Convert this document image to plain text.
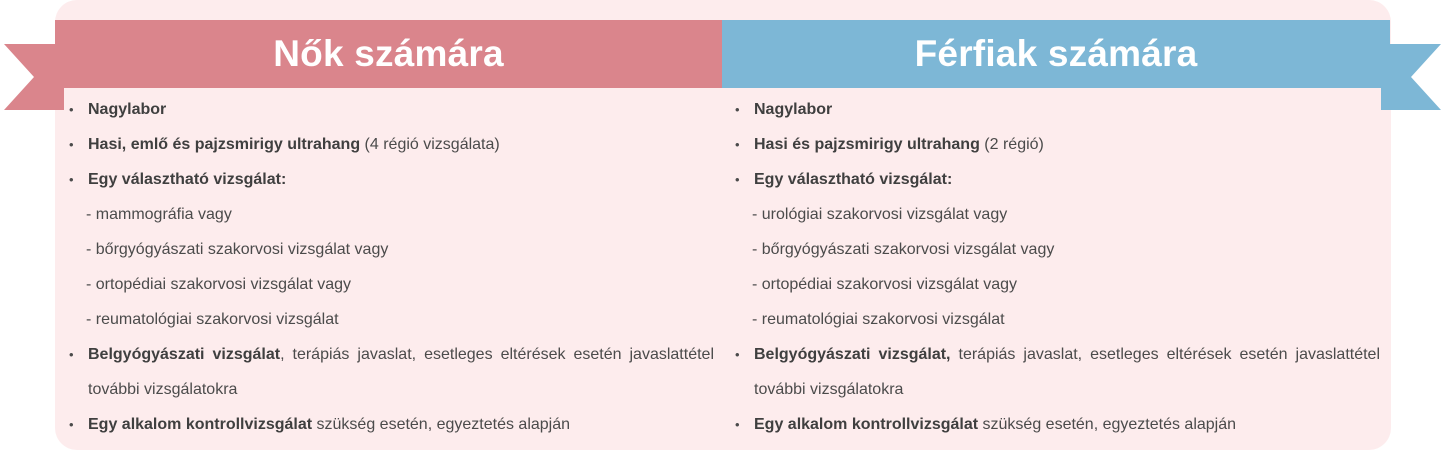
Nők számára	Férfiak számára

• Nagylabor

• Hasi, emlő és pajzsmirigy ultrahang (4 régió vizsgálata)

• Egy választható vizsgálat:

- mammográfia vagy

- bőrgyógyászati szakorvosi vizsgálat vagy

- ortopédiai szakorvosi vizsgálat vagy

- reumatológiai szakorvosi vizsgálat

• Belgyógyászati vizsgálat, terápiás javaslat, esetleges eltérések esetén javaslattétel további vizsgálatokra

• Egy alkalom kontrollvizsgálat szükség esetén, egyeztetés alapján

• Nagylabor

• Hasi és pajzsmirigy ultrahang (2 régió)

• Egy választható vizsgálat:

- urológiai szakorvosi vizsgálat vagy

- bőrgyógyászati szakorvosi vizsgálat vagy

- ortopédiai szakorvosi vizsgálat vagy

- reumatológiai szakorvosi vizsgálat

• Belgyógyászati vizsgálat, terápiás javaslat, esetleges eltérések esetén javaslattétel további vizsgálatokra

• Egy alkalom kontrollvizsgálat szükség esetén, egyeztetés alapján
